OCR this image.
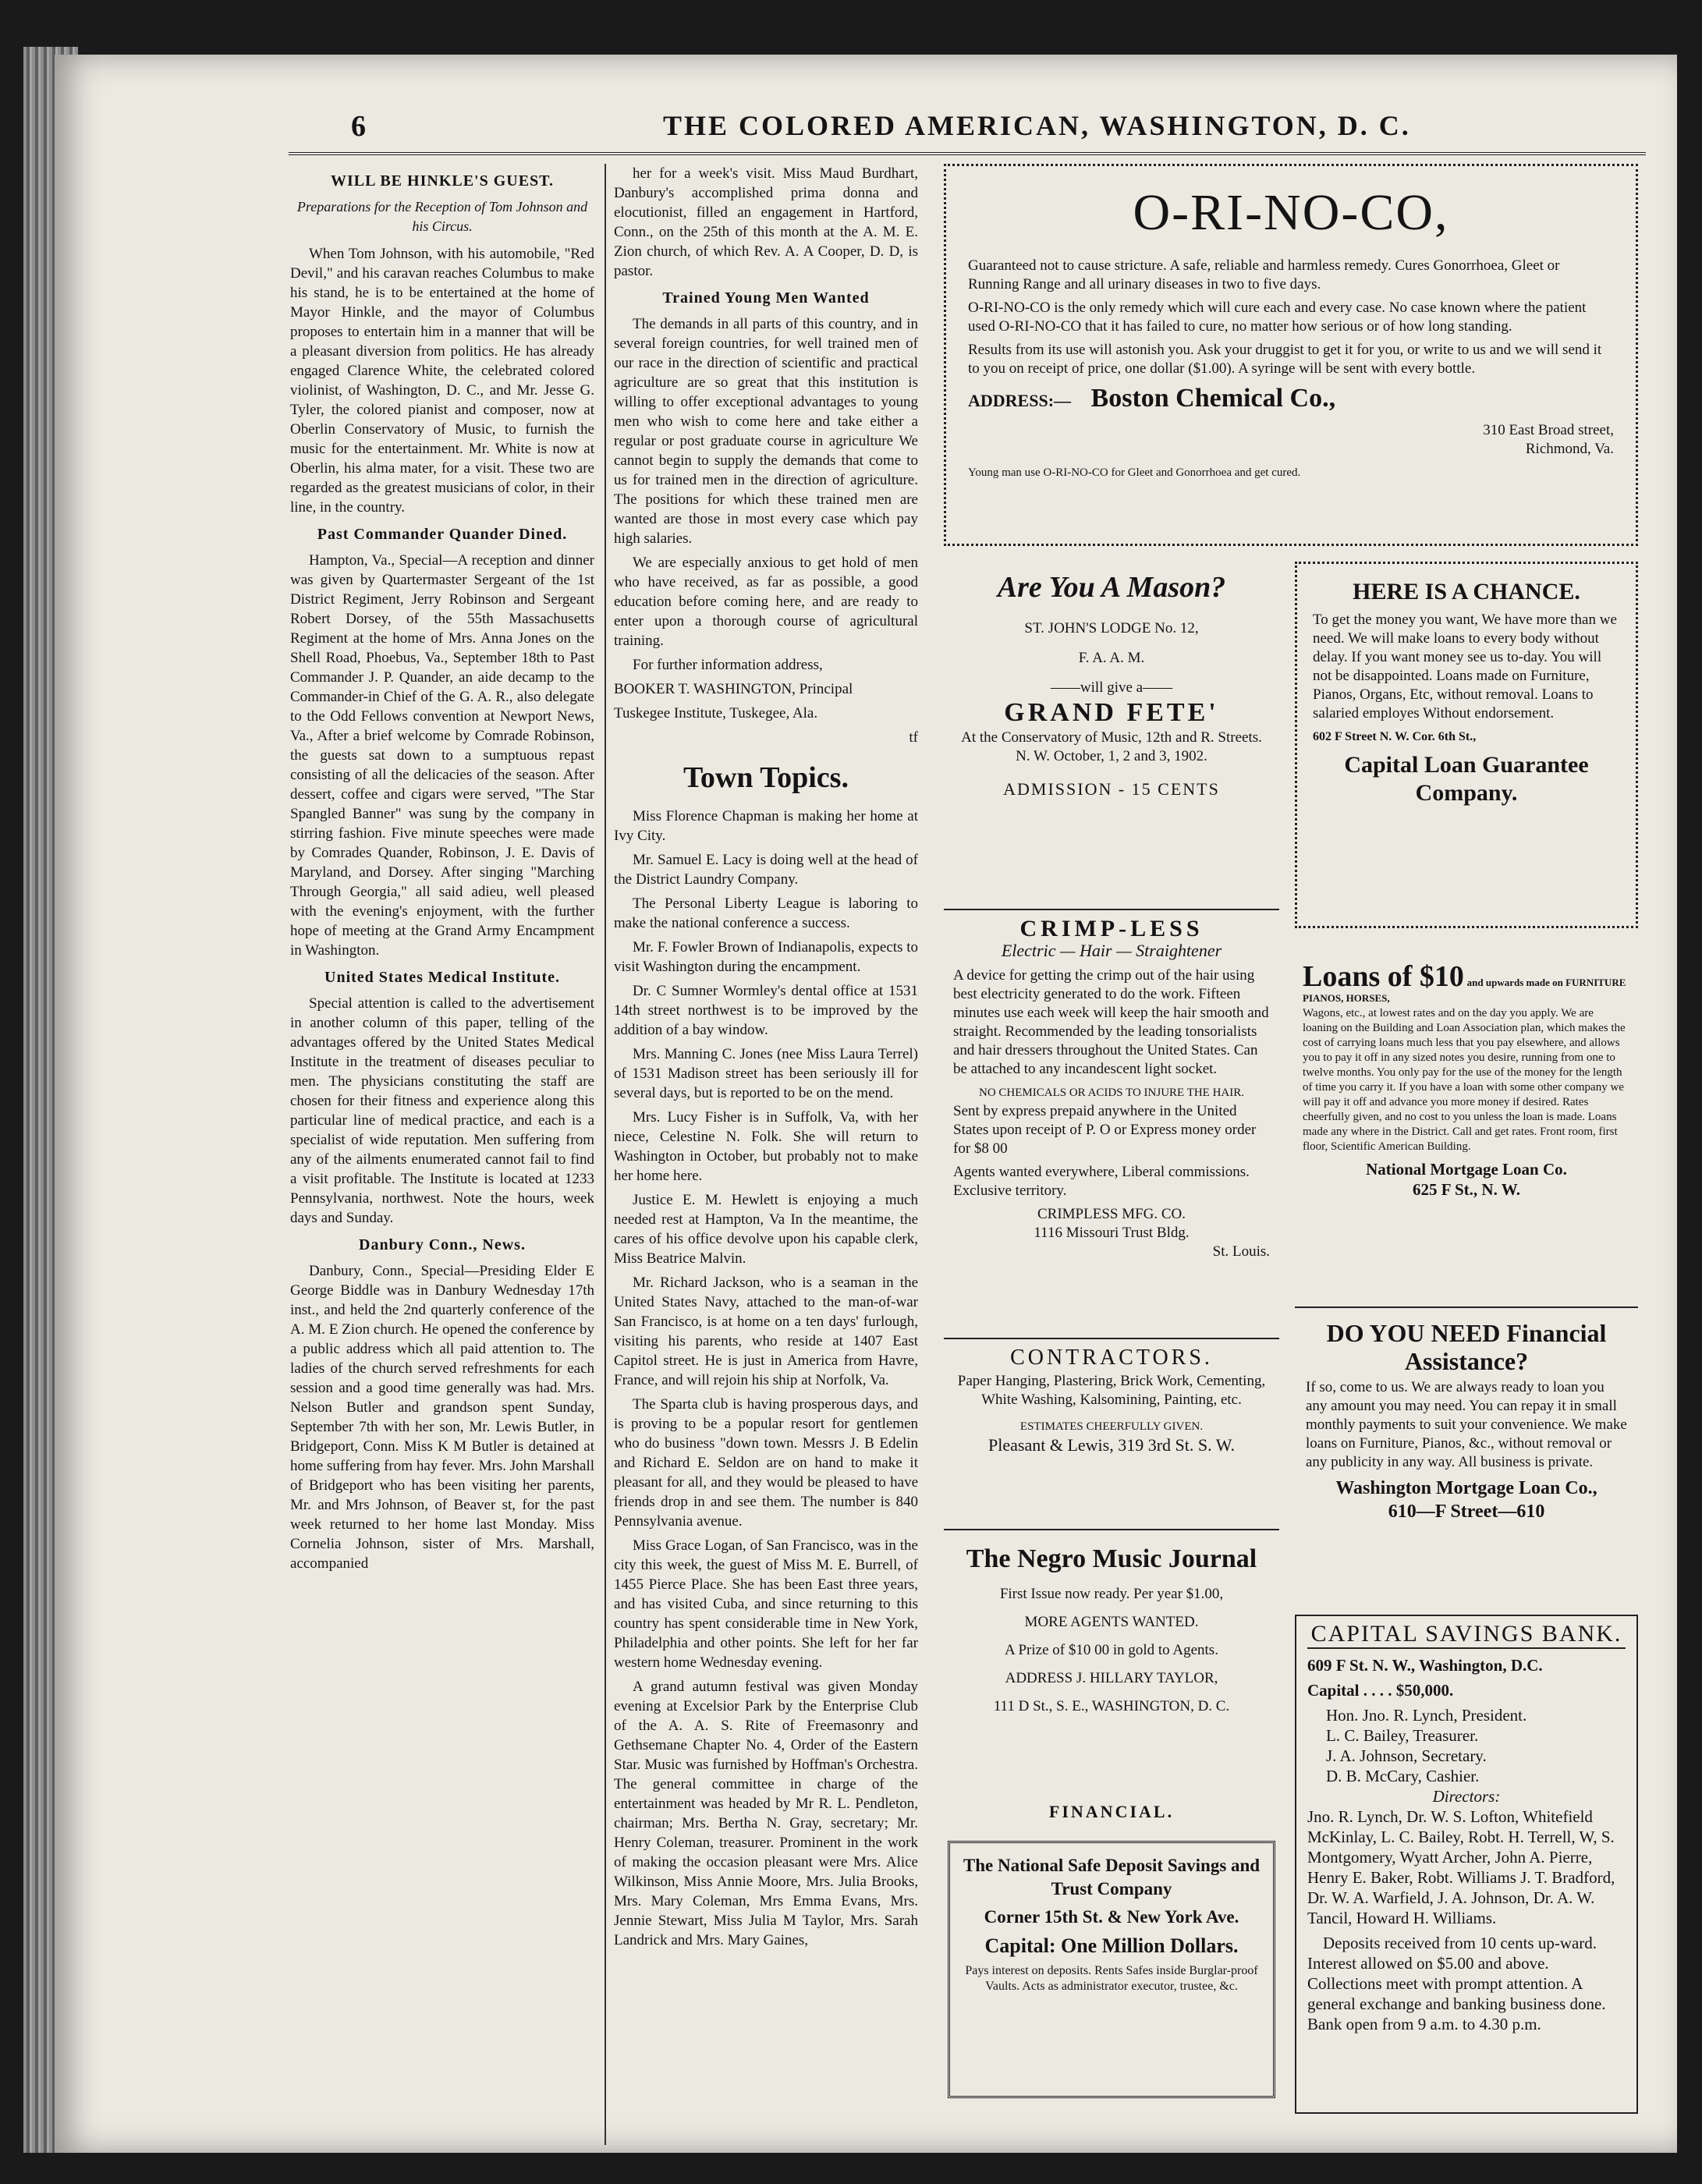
6	THE COLORED AMERICAN, WASHINGTON, D. C.
WILL BE HINKLE'S GUEST.
Preparations for the Reception of Tom Johnson and his Circus.

When Tom Johnson, with his automobile, "Red Devil," and his caravan reaches Columbus to make his stand, he is to be entertained at the home of Mayor Hinkle, and the mayor of Columbus proposes to entertain him in a manner that will be a pleasant diversion from politics. He has already engaged Clarence White, the celebrated colored violinist, of Washington, D. C., and Mr. Jesse G. Tyler, the colored pianist and composer, now at Oberlin Conservatory of Music, to furnish the music for the entertainment. Mr. White is now at Oberlin, his alma mater, for a visit. These two are regarded as the greatest musicians of color, in their line, in the country.

Past Commander Quander Dined.

Hampton, Va., Special—A reception and dinner was given by Quartermaster Sergeant of the 1st District Regiment, Jerry Robinson and Sergeant Robert Dorsey, of the 55th Massachusetts Regiment at the home of Mrs. Anna Jones on the Shell Road, Phoebus, Va., September 18th to Past Commander J. P. Quander, an aide decamp to the Commander-in Chief of the G. A. R., also delegate to the Odd Fellows convention at Newport News, Va., After a brief welcome by Comrade Robinson, the guests sat down to a sumptuous repast consisting of all the delicacies of the season. After dessert, coffee and cigars were served, "The Star Spangled Banner" was sung by the company in stirring fashion. Five minute speeches were made by Comrades Quander, Robinson, J. E. Davis of Maryland, and Dorsey. After singing "Marching Through Georgia," all said adieu, well pleased with the evening's enjoyment, with the further hope of meeting at the Grand Army Encampment in Washington.

United States Medical Institute.

Special attention is called to the advertisement in another column of this paper, telling of the advantages offered by the United States Medical Institute in the treatment of diseases peculiar to men. The physicians constituting the staff are chosen for their fitness and experience along this particular line of medical practice, and each is a specialist of wide reputation. Men suffering from any of the ailments enumerated cannot fail to find a visit profitable. The Institute is located at 1233 Pennsylvania, northwest. Note the hours, week days and Sunday.

Danbury Conn., News.

Danbury, Conn., Special—Presiding Elder E George Biddle was in Danbury Wednesday 17th inst., and held the 2nd quarterly conference of the A. M. E Zion church. He opened the conference by a public address which all paid attention to. The ladies of the church served refreshments for each session and a good time generally was had. Mrs. Nelson Butler and grandson spent Sunday, September 7th with her son, Mr. Lewis Butler, in Bridgeport, Conn. Miss K M Butler is detained at home suffering from hay fever. Mrs. John Marshall of Bridgeport who has been visiting her parents, Mr. and Mrs Johnson, of Beaver st, for the past week returned to her home last Monday. Miss Cornelia Johnson, sister of Mrs. Marshall, accompanied

her for a week's visit. Miss Maud Burdhart, Danbury's accomplished prima donna and elocutionist, filled an engagement in Hartford, Conn., on the 25th of this month at the A. M. E. Zion church, of which Rev. A. A Cooper, D. D, is pastor.

Trained Young Men Wanted

The demands in all parts of this country, and in several foreign countries, for well trained men of our race in the direction of scientific and practical agriculture are so great that this institution is willing to offer exceptional advantages to young men who wish to come here and take either a regular or post graduate course in agriculture We cannot begin to supply the demands that come to us for trained men in the direction of agriculture. The positions for which these trained men are wanted are those in most every case which pay high salaries.

We are especially anxious to get hold of men who have received, as far as possible, a good education before coming here, and are ready to enter upon a thorough course of agricultural training.

For further information address,

BOOKER T. WASHINGTON, Principal

Tuskegee Institute, Tuskegee, Ala.

tf

Town Topics.

Miss Florence Chapman is making her home at Ivy City.

Mr. Samuel E. Lacy is doing well at the head of the District Laundry Company.

The Personal Liberty League is laboring to make the national conference a success.

Mr. F. Fowler Brown of Indianapolis, expects to visit Washington during the encampment.

Dr. C Sumner Wormley's dental office at 1531 14th street northwest is to be improved by the addition of a bay window.

Mrs. Manning C. Jones (nee Miss Laura Terrel) of 1531 Madison street has been seriously ill for several days, but is reported to be on the mend.

Mrs. Lucy Fisher is in Suffolk, Va, with her niece, Celestine N. Folk. She will return to Washington in October, but probably not to make her home here.

Justice E. M. Hewlett is enjoying a much needed rest at Hampton, Va In the meantime, the cares of his office devolve upon his capable clerk, Miss Beatrice Malvin.

Mr. Richard Jackson, who is a seaman in the United States Navy, attached to the man-of-war San Francisco, is at home on a ten days' furlough, visiting his parents, who reside at 1407 East Capitol street. He is just in America from Havre, France, and will rejoin his ship at Norfolk, Va.

The Sparta club is having prosperous days, and is proving to be a popular resort for gentlemen who do business "down town. Messrs J. B Edelin and Richard E. Seldon are on hand to make it pleasant for all, and they would be pleased to have friends drop in and see them. The number is 840 Pennsylvania avenue.

Miss Grace Logan, of San Francisco, was in the city this week, the guest of Miss M. E. Burrell, of 1455 Pierce Place. She has been East three years, and has visited Cuba, and since returning to this country has spent considerable time in New York, Philadelphia and other points. She left for her far western home Wednesday evening.

A grand autumn festival was given Monday evening at Excelsior Park by the Enterprise Club of the A. A. S. Rite of Freemasonry and Gethsemane Chapter No. 4, Order of the Eastern Star. Music was furnished by Hoffman's Orchestra. The general committee in charge of the entertainment was headed by Mr R. L. Pendleton, chairman; Mrs. Bertha N. Gray, secretary; Mr. Henry Coleman, treasurer. Prominent in the work of making the occasion pleasant were Mrs. Alice Wilkinson, Miss Annie Moore, Mrs. Julia Brooks, Mrs. Mary Coleman, Mrs Emma Evans, Mrs. Jennie Stewart, Miss Julia M Taylor, Mrs. Sarah Landrick and Mrs. Mary Gaines,

O-RI-NO-CO,

Guaranteed not to cause stricture. A safe, reliable and harmless remedy. Cures Gonorrhoea, Gleet or Running Range and all urinary diseases in two to five days.

O-RI-NO-CO is the only remedy which will cure each and every case. No case known where the patient used O-RI-NO-CO that it has failed to cure, no matter how serious or of how long standing.

Results from its use will astonish you. Ask your druggist to get it for you, or write to us and we will send it to you on receipt of price, one dollar ($1.00). A syringe will be sent with every bottle.

ADDRESS:— Boston Chemical Co.,

310 East Broad street,

Richmond, Va.

Young man use O-RI-NO-CO for Gleet and Gonorrhoea and get cured.

Are You A Mason?

ST. JOHN'S LODGE No. 12,

F. A. A. M.

——will give a——

GRAND FETE'

At the Conservatory of Music, 12th and R. Streets. N. W. October, 1, 2 and 3, 1902.

ADMISSION - 15 CENTS

HERE IS A CHANCE.

To get the money you want, We have more than we need. We will make loans to every body without delay. If you want money see us to-day. You will not be disappointed. Loans made on Furniture, Pianos, Organs, Etc, without removal. Loans to salaried employes Without endorsement.

602 F Street N. W. Cor. 6th St.,

Capital Loan Guarantee Company.
CRIMP-LESS
Electric — Hair — Straightener

A device for getting the crimp out of the hair using best electricity generated to do the work. Fifteen minutes use each week will keep the hair smooth and straight. Recommended by the leading tonsorialists and hair dressers throughout the United States. Can be attached to any incandescent light socket.

NO CHEMICALS OR ACIDS TO INJURE THE HAIR.

Sent by express prepaid anywhere in the United States upon receipt of P. O or Express money order for $8 00

Agents wanted everywhere, Liberal commissions. Exclusive territory.

CRIMPLESS MFG. CO.

1116 Missouri Trust Bldg.

St. Louis.

Loans of $10 and upwards made on FURNITURE PIANOS, HORSES,

Wagons, etc., at lowest rates and on the day you apply. We are loaning on the Building and Loan Association plan, which makes the cost of carrying loans much less that you pay elsewhere, and allows you to pay it off in any sized notes you desire, running from one to twelve months. You only pay for the use of the money for the length of time you carry it. If you have a loan with some other company we will pay it off and advance you more money if desired. Rates cheerfully given, and no cost to you unless the loan is made. Loans made any where in the District. Call and get rates. Front room, first floor, Scientific American Building.

National Mortgage Loan Co.
625 F St., N. W.
CONTRACTORS.

Paper Hanging, Plastering, Brick Work, Cementing, White Washing, Kalsomining, Painting, etc.

ESTIMATES CHEERFULLY GIVEN.

Pleasant & Lewis, 319 3rd St. S. W.

DO YOU NEED Financial Assistance?

If so, come to us. We are always ready to loan you any amount you may need. You can repay it in small monthly payments to suit your convenience. We make loans on Furniture, Pianos, &c., without removal or any publicity in any way. All business is private.

Washington Mortgage Loan Co.,
610—F Street—610
The Negro Music Journal

First Issue now ready. Per year $1.00,

MORE AGENTS WANTED.

A Prize of $10 00 in gold to Agents.

ADDRESS J. HILLARY TAYLOR,

111 D St., S. E., WASHINGTON, D. C.

FINANCIAL.
The National Safe Deposit Savings and Trust Company
Corner 15th St. & New York Ave.
Capital: One Million Dollars.
Pays interest on deposits. Rents Safes inside Burglar-proof Vaults. Acts as administrator executor, trustee, &c.
CAPITAL SAVINGS BANK.

609 F St. N. W., Washington, D.C.

Capital . . . . $50,000.

Hon. Jno. R. Lynch, President.

L. C. Bailey, Treasurer.

J. A. Johnson, Secretary.

D. B. McCary, Cashier.

Directors:

Jno. R. Lynch, Dr. W. S. Lofton, Whitefield McKinlay, L. C. Bailey, Robt. H. Terrell, W, S. Montgomery, Wyatt Archer, John A. Pierre, Henry E. Baker, Robt. Williams J. T. Bradford, Dr. W. A. Warfield, J. A. Johnson, Dr. A. W. Tancil, Howard H. Williams.

Deposits received from 10 cents up-ward. Interest allowed on $5.00 and above. Collections meet with prompt attention. A general exchange and banking business done. Bank open from 9 a.m. to 4.30 p.m.
